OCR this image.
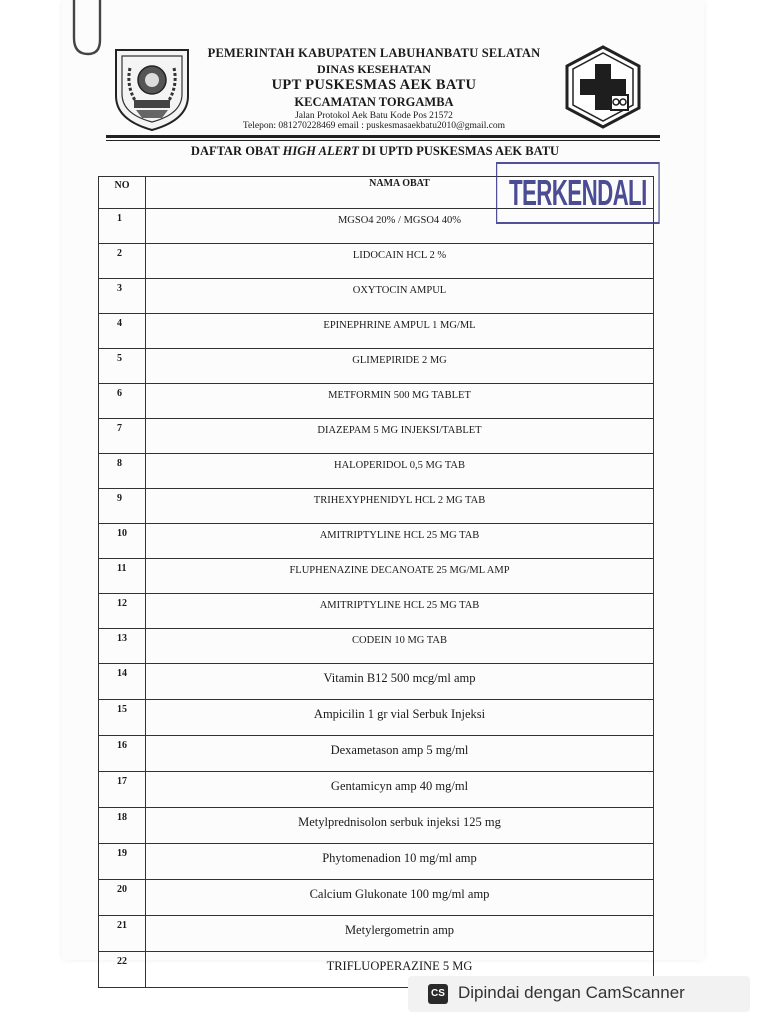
PEMERINTAH KABUPATEN LABUHANBATU SELATAN
DINAS KESEHATAN
UPT PUSKESMAS AEK BATU
KECAMATAN TORGAMBA
Jalan Protokol Aek Batu Kode Pos 21572
Telepon: 081270228469 email : puskesmasaekbatu2010@gmail.com
DAFTAR OBAT HIGH ALERT DI UPTD PUSKESMAS AEK BATU
NO	NAMA OBAT
1	MGSO4 20% / MGSO4 40%
2	LIDOCAIN HCL 2 %
3	OXYTOCIN AMPUL
4	EPINEPHRINE AMPUL 1 MG/ML
5	GLIMEPIRIDE 2 MG
6	METFORMIN 500 MG TABLET
7	DIAZEPAM 5 MG INJEKSI/TABLET
8	HALOPERIDOL 0,5 MG TAB
9	TRIHEXYPHENIDYL HCL 2 MG TAB
10	AMITRIPTYLINE HCL 25 MG TAB
11	FLUPHENAZINE DECANOATE 25 MG/ML AMP
12	AMITRIPTYLINE HCL 25 MG TAB
13	CODEIN 10 MG TAB
14	Vitamin B12 500 mcg/ml amp
15	Ampicilin 1 gr vial Serbuk Injeksi
16	Dexametason amp 5 mg/ml
17	Gentamicyn amp 40 mg/ml
18	Metylprednisolon serbuk injeksi 125 mg
19	Phytomenadion 10 mg/ml amp
20	Calcium Glukonate 100 mg/ml amp
21	Metylergometrin amp
22	TRIFLUOPERAZINE 5 MG
TERKENDALI
CS Dipindai dengan CamScanner
